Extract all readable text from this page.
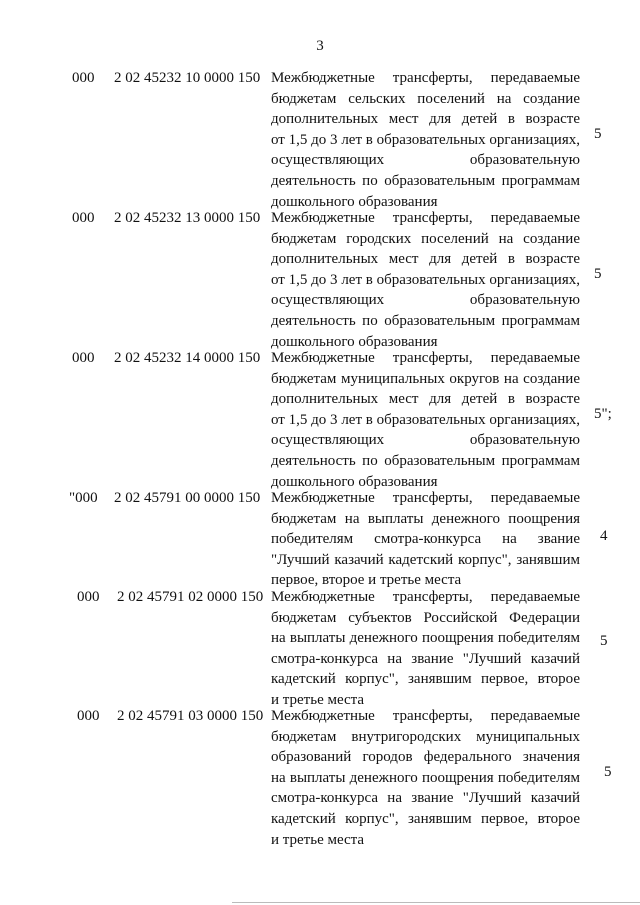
3
000	2 02 45232 10 0000 150 Межбюджетные трансферты, передаваемые
бюджетам сельских поселений на создание
дополнительных мест для детей в возрасте
от 1,5 до 3 лет в образовательных организациях,
осуществляющих образовательную
деятельность по образовательным программам
дошкольного образования
5
000	2 02 45232 13 0000 150 Межбюджетные трансферты, передаваемые
бюджетам городских поселений на создание
дополнительных мест для детей в возрасте
от 1,5 до 3 лет в образовательных организациях,
осуществляющих образовательную
деятельность по образовательным программам
дошкольного образования
5
000	2 02 45232 14 0000 150 Межбюджетные трансферты, передаваемые
бюджетам муниципальных округов на создание
дополнительных мест для детей в возрасте
от 1,5 до 3 лет в образовательных организациях,
осуществляющих образовательную
деятельность по образовательным программам
дошкольного образования
5";
"000	2 02 45791 00 0000 150 Межбюджетные трансферты, передаваемые
бюджетам на выплаты денежного поощрения
победителям смотра-конкурса на звание
"Лучший казачий кадетский корпус", занявшим
первое, второе и третье места
4
000	2 02 45791 02 0000 150 Межбюджетные трансферты, передаваемые
бюджетам субъектов Российской Федерации
на выплаты денежного поощрения победителям
смотра-конкурса на звание "Лучший казачий
кадетский корпус", занявшим первое, второе
и третье места
5
000	2 02 45791 03 0000 150 Межбюджетные трансферты, передаваемые
бюджетам внутригородских муниципальных
образований городов федерального значения
на выплаты денежного поощрения победителям
смотра-конкурса на звание "Лучший казачий
кадетский корпус", занявшим первое, второе
и третье места
5
